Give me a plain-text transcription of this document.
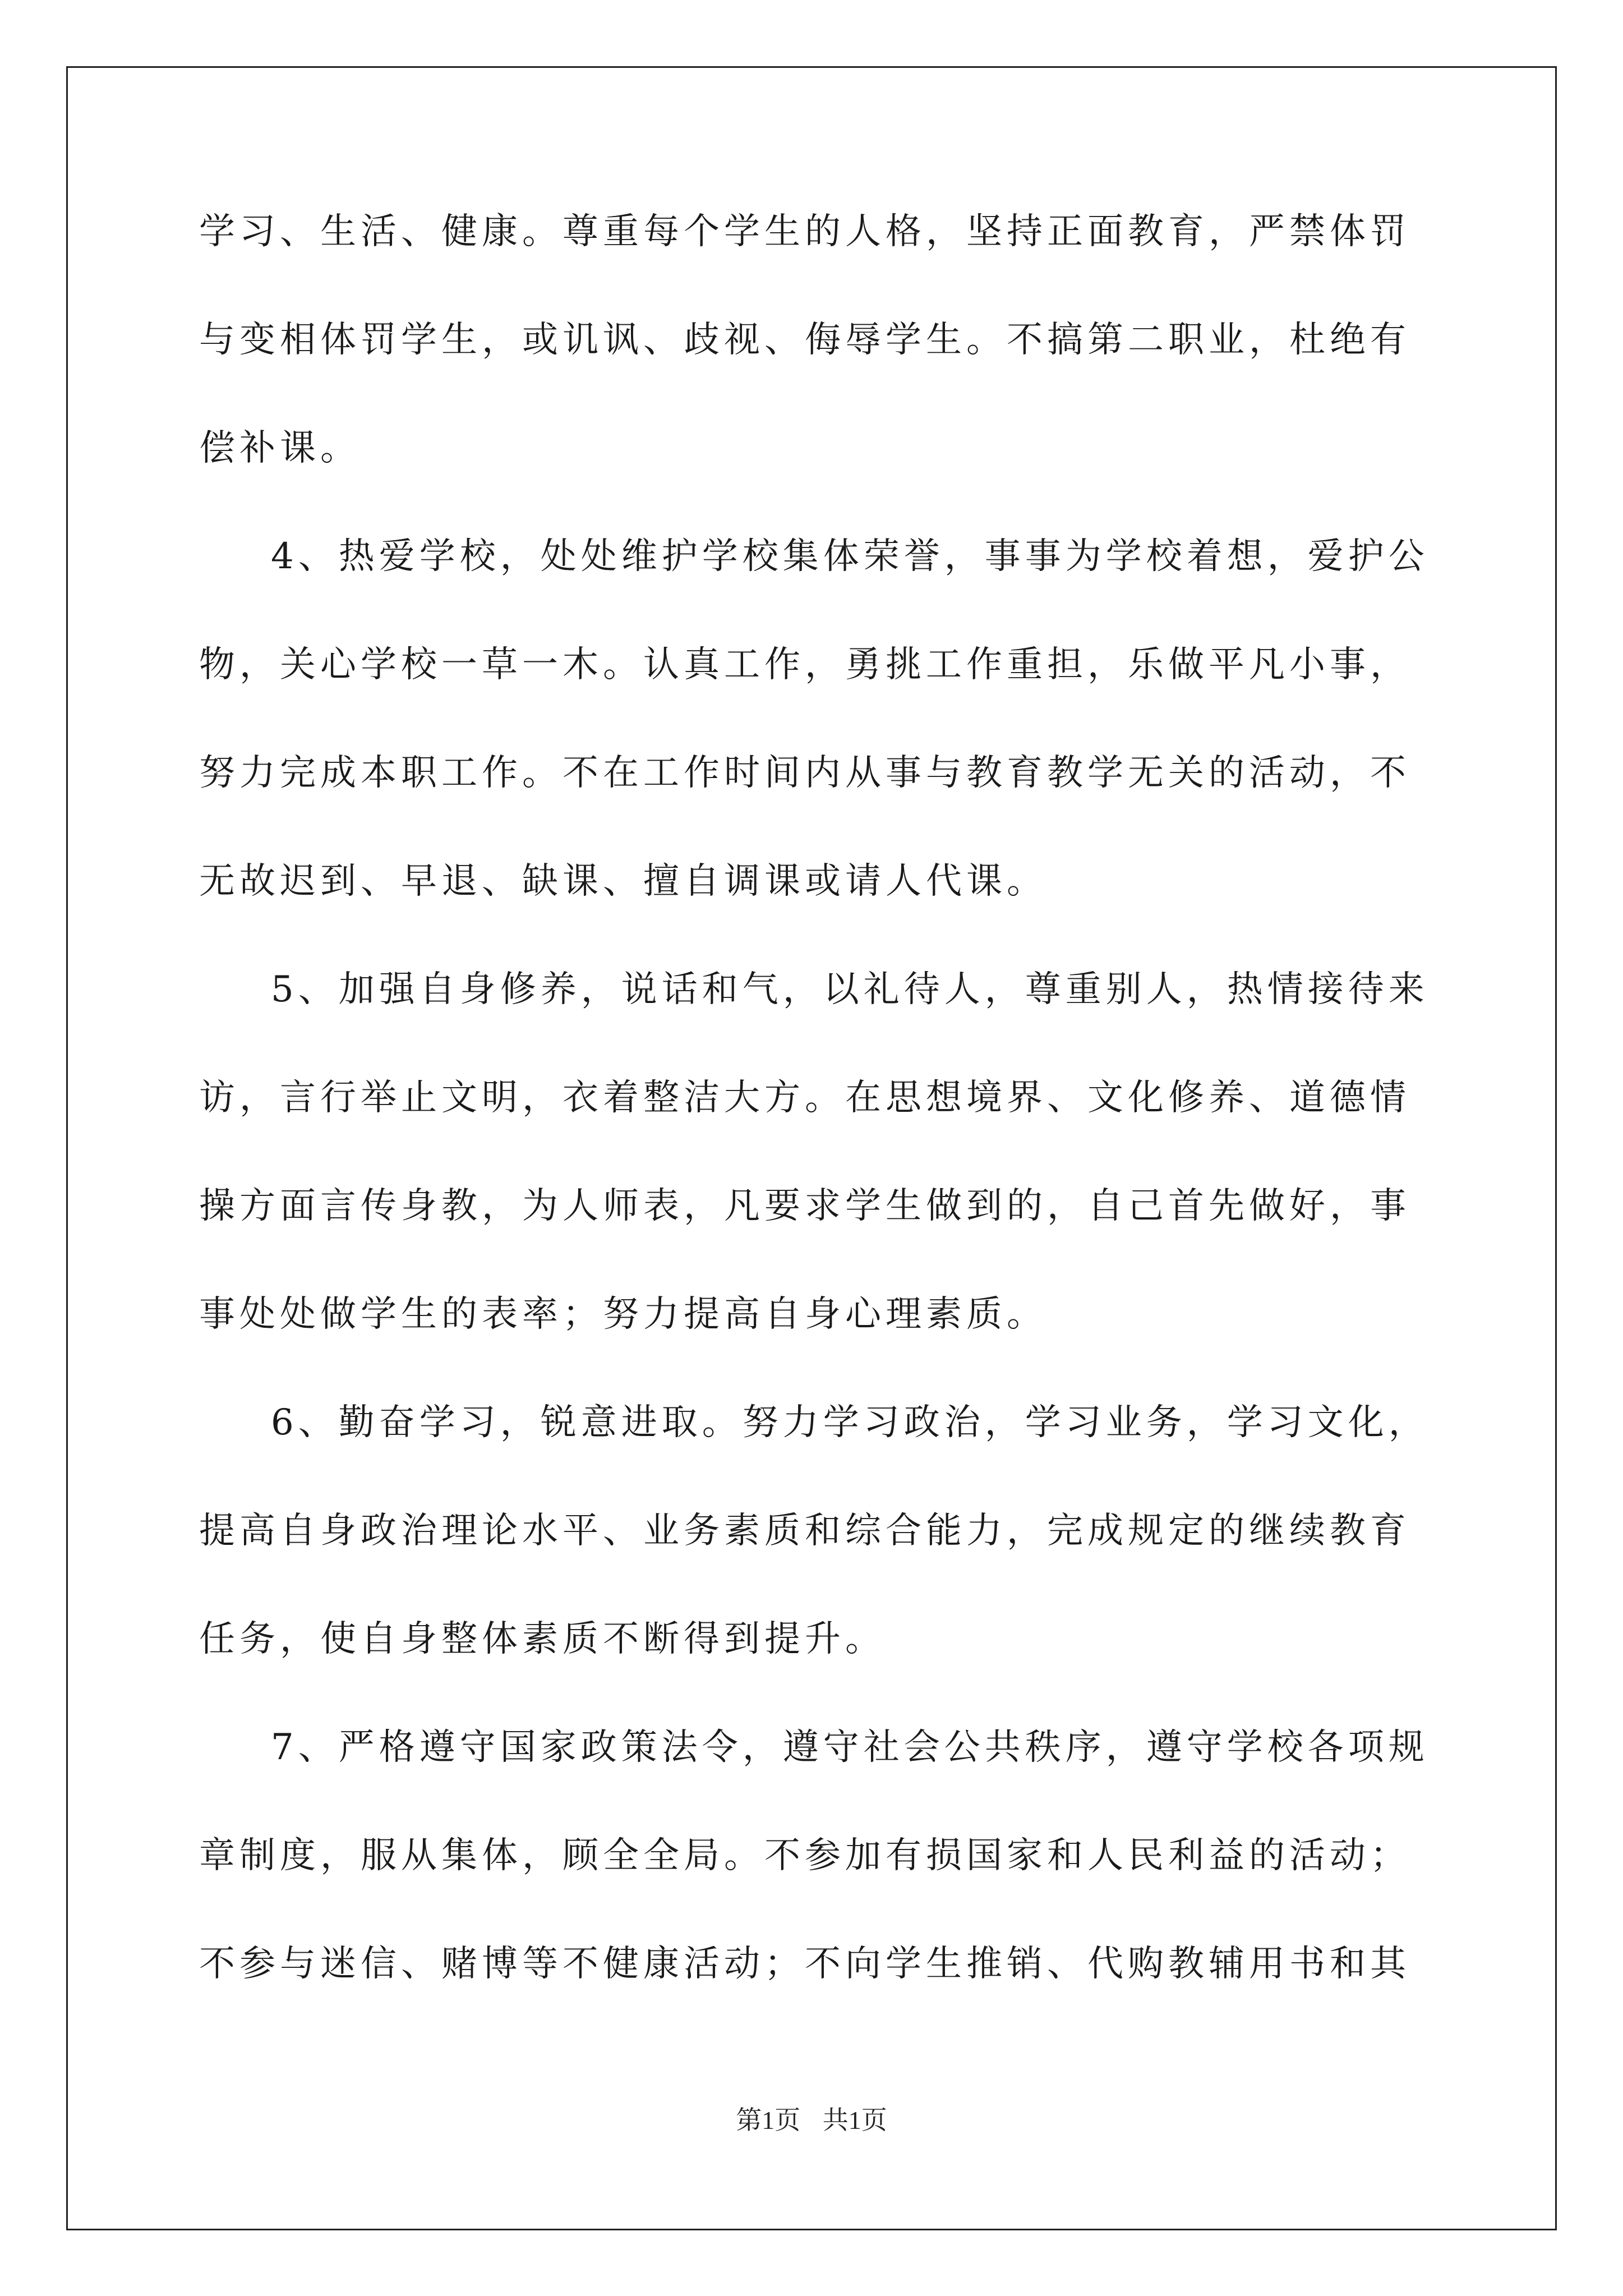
学习、生活、健康。尊重每个学生的人格，坚持正面教育，严禁体罚
与变相体罚学生，或讥讽、歧视、侮辱学生。不搞第二职业，杜绝有
偿补课。
4、热爱学校，处处维护学校集体荣誉，事事为学校着想，爱护公
物，关心学校一草一木。认真工作，勇挑工作重担，乐做平凡小事，
努力完成本职工作。不在工作时间内从事与教育教学无关的活动，不
无故迟到、早退、缺课、擅自调课或请人代课。
5、加强自身修养，说话和气，以礼待人，尊重别人，热情接待来
访，言行举止文明，衣着整洁大方。在思想境界、文化修养、道德情
操方面言传身教，为人师表，凡要求学生做到的，自己首先做好，事
事处处做学生的表率；努力提高自身心理素质。
6、勤奋学习，锐意进取。努力学习政治，学习业务，学习文化，
提高自身政治理论水平、业务素质和综合能力，完成规定的继续教育
任务，使自身整体素质不断得到提升。
7、严格遵守国家政策法令，遵守社会公共秩序，遵守学校各项规
章制度，服从集体，顾全全局。不参加有损国家和人民利益的活动；
不参与迷信、赌博等不健康活动；不向学生推销、代购教辅用书和其
第1页 共1页
